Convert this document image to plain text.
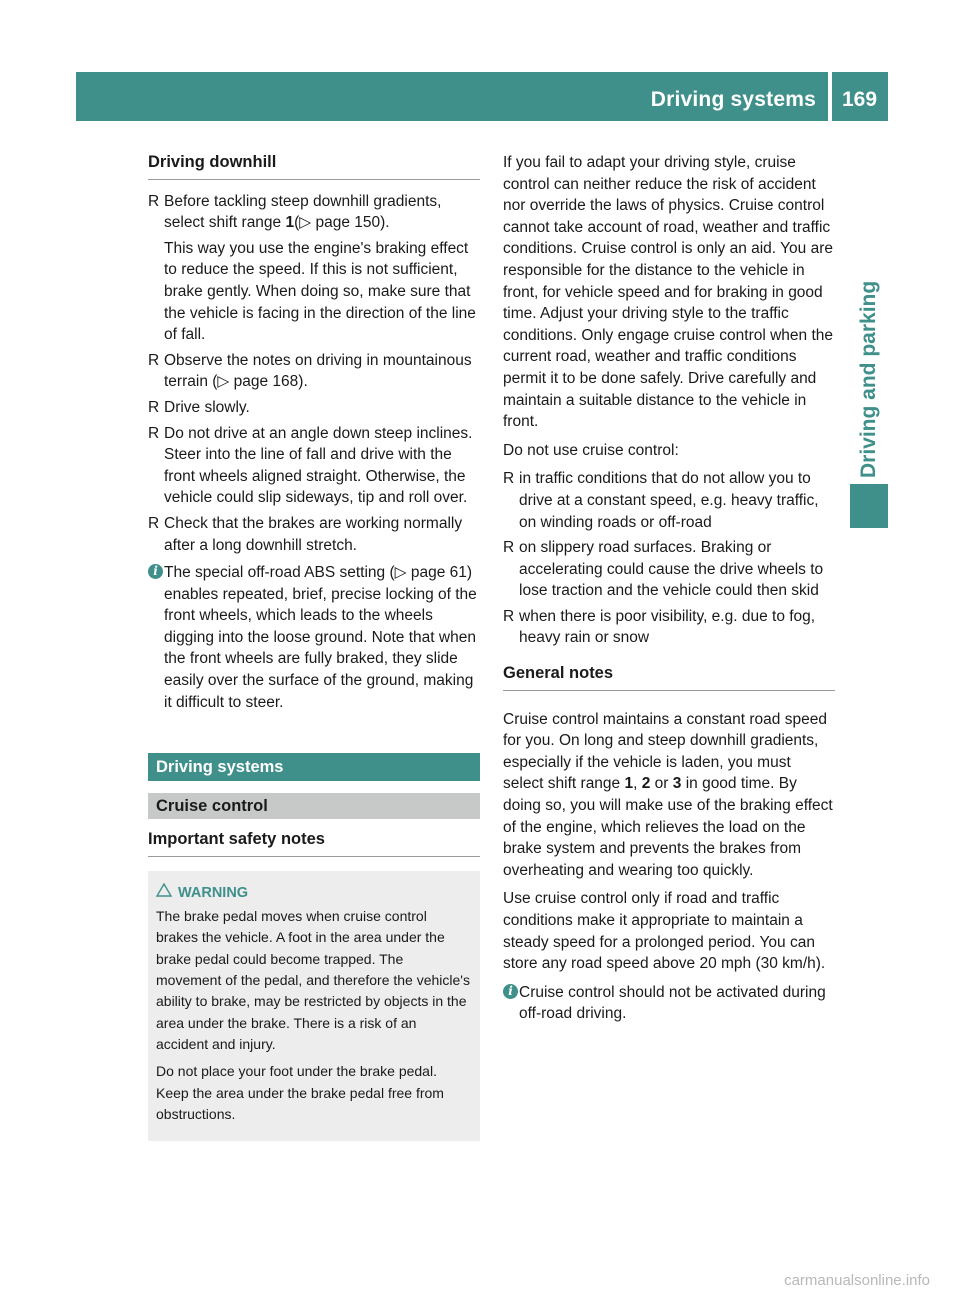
Driving systems 169
Driving and parking
Driving downhill
R Before tackling steep downhill gradients, select shift range 1(▷ page 150).

This way you use the engine's braking effect to reduce the speed. If this is not sufficient, brake gently. When doing so, make sure that the vehicle is facing in the direction of the line of fall.

R Observe the notes on driving in mountainous terrain (▷ page 168).

R Drive slowly.

R Do not drive at an angle down steep inclines. Steer into the line of fall and drive with the front wheels aligned straight. Otherwise, the vehicle could slip sideways, tip and roll over.

R Check that the brakes are working normally after a long downhill stretch.

i The special off-road ABS setting (▷ page 61) enables repeated, brief, precise locking of the front wheels, which leads to the wheels digging into the loose ground. Note that when the front wheels are fully braked, they slide easily over the surface of the ground, making it difficult to steer.
Driving systems
Cruise control
Important safety notes
WARNING

The brake pedal moves when cruise control brakes the vehicle. A foot in the area under the brake pedal could become trapped. The movement of the pedal, and therefore the vehicle's ability to brake, may be restricted by objects in the area under the brake. There is a risk of an accident and injury.

Do not place your foot under the brake pedal. Keep the area under the brake pedal free from obstructions.

If you fail to adapt your driving style, cruise control can neither reduce the risk of accident nor override the laws of physics. Cruise control cannot take account of road, weather and traffic conditions. Cruise control is only an aid. You are responsible for the distance to the vehicle in front, for vehicle speed and for braking in good time. Adjust your driving style to the traffic conditions. Only engage cruise control when the current road, weather and traffic conditions permit it to be done safely. Drive carefully and maintain a suitable distance to the vehicle in front.

Do not use cruise control:

R in traffic conditions that do not allow you to drive at a constant speed, e.g. heavy traffic, on winding roads or off-road

R on slippery road surfaces. Braking or accelerating could cause the drive wheels to lose traction and the vehicle could then skid

R when there is poor visibility, e.g. due to fog, heavy rain or snow

General notes

Cruise control maintains a constant road speed for you. On long and steep downhill gradients, especially if the vehicle is laden, you must select shift range 1, 2 or 3 in good time. By doing so, you will make use of the braking effect of the engine, which relieves the load on the brake system and prevents the brakes from overheating and wearing too quickly.

Use cruise control only if road and traffic conditions make it appropriate to maintain a steady speed for a prolonged period. You can store any road speed above 20 mph (30 km/h).

i Cruise control should not be activated during off-road driving.
carmanualsonline.info
